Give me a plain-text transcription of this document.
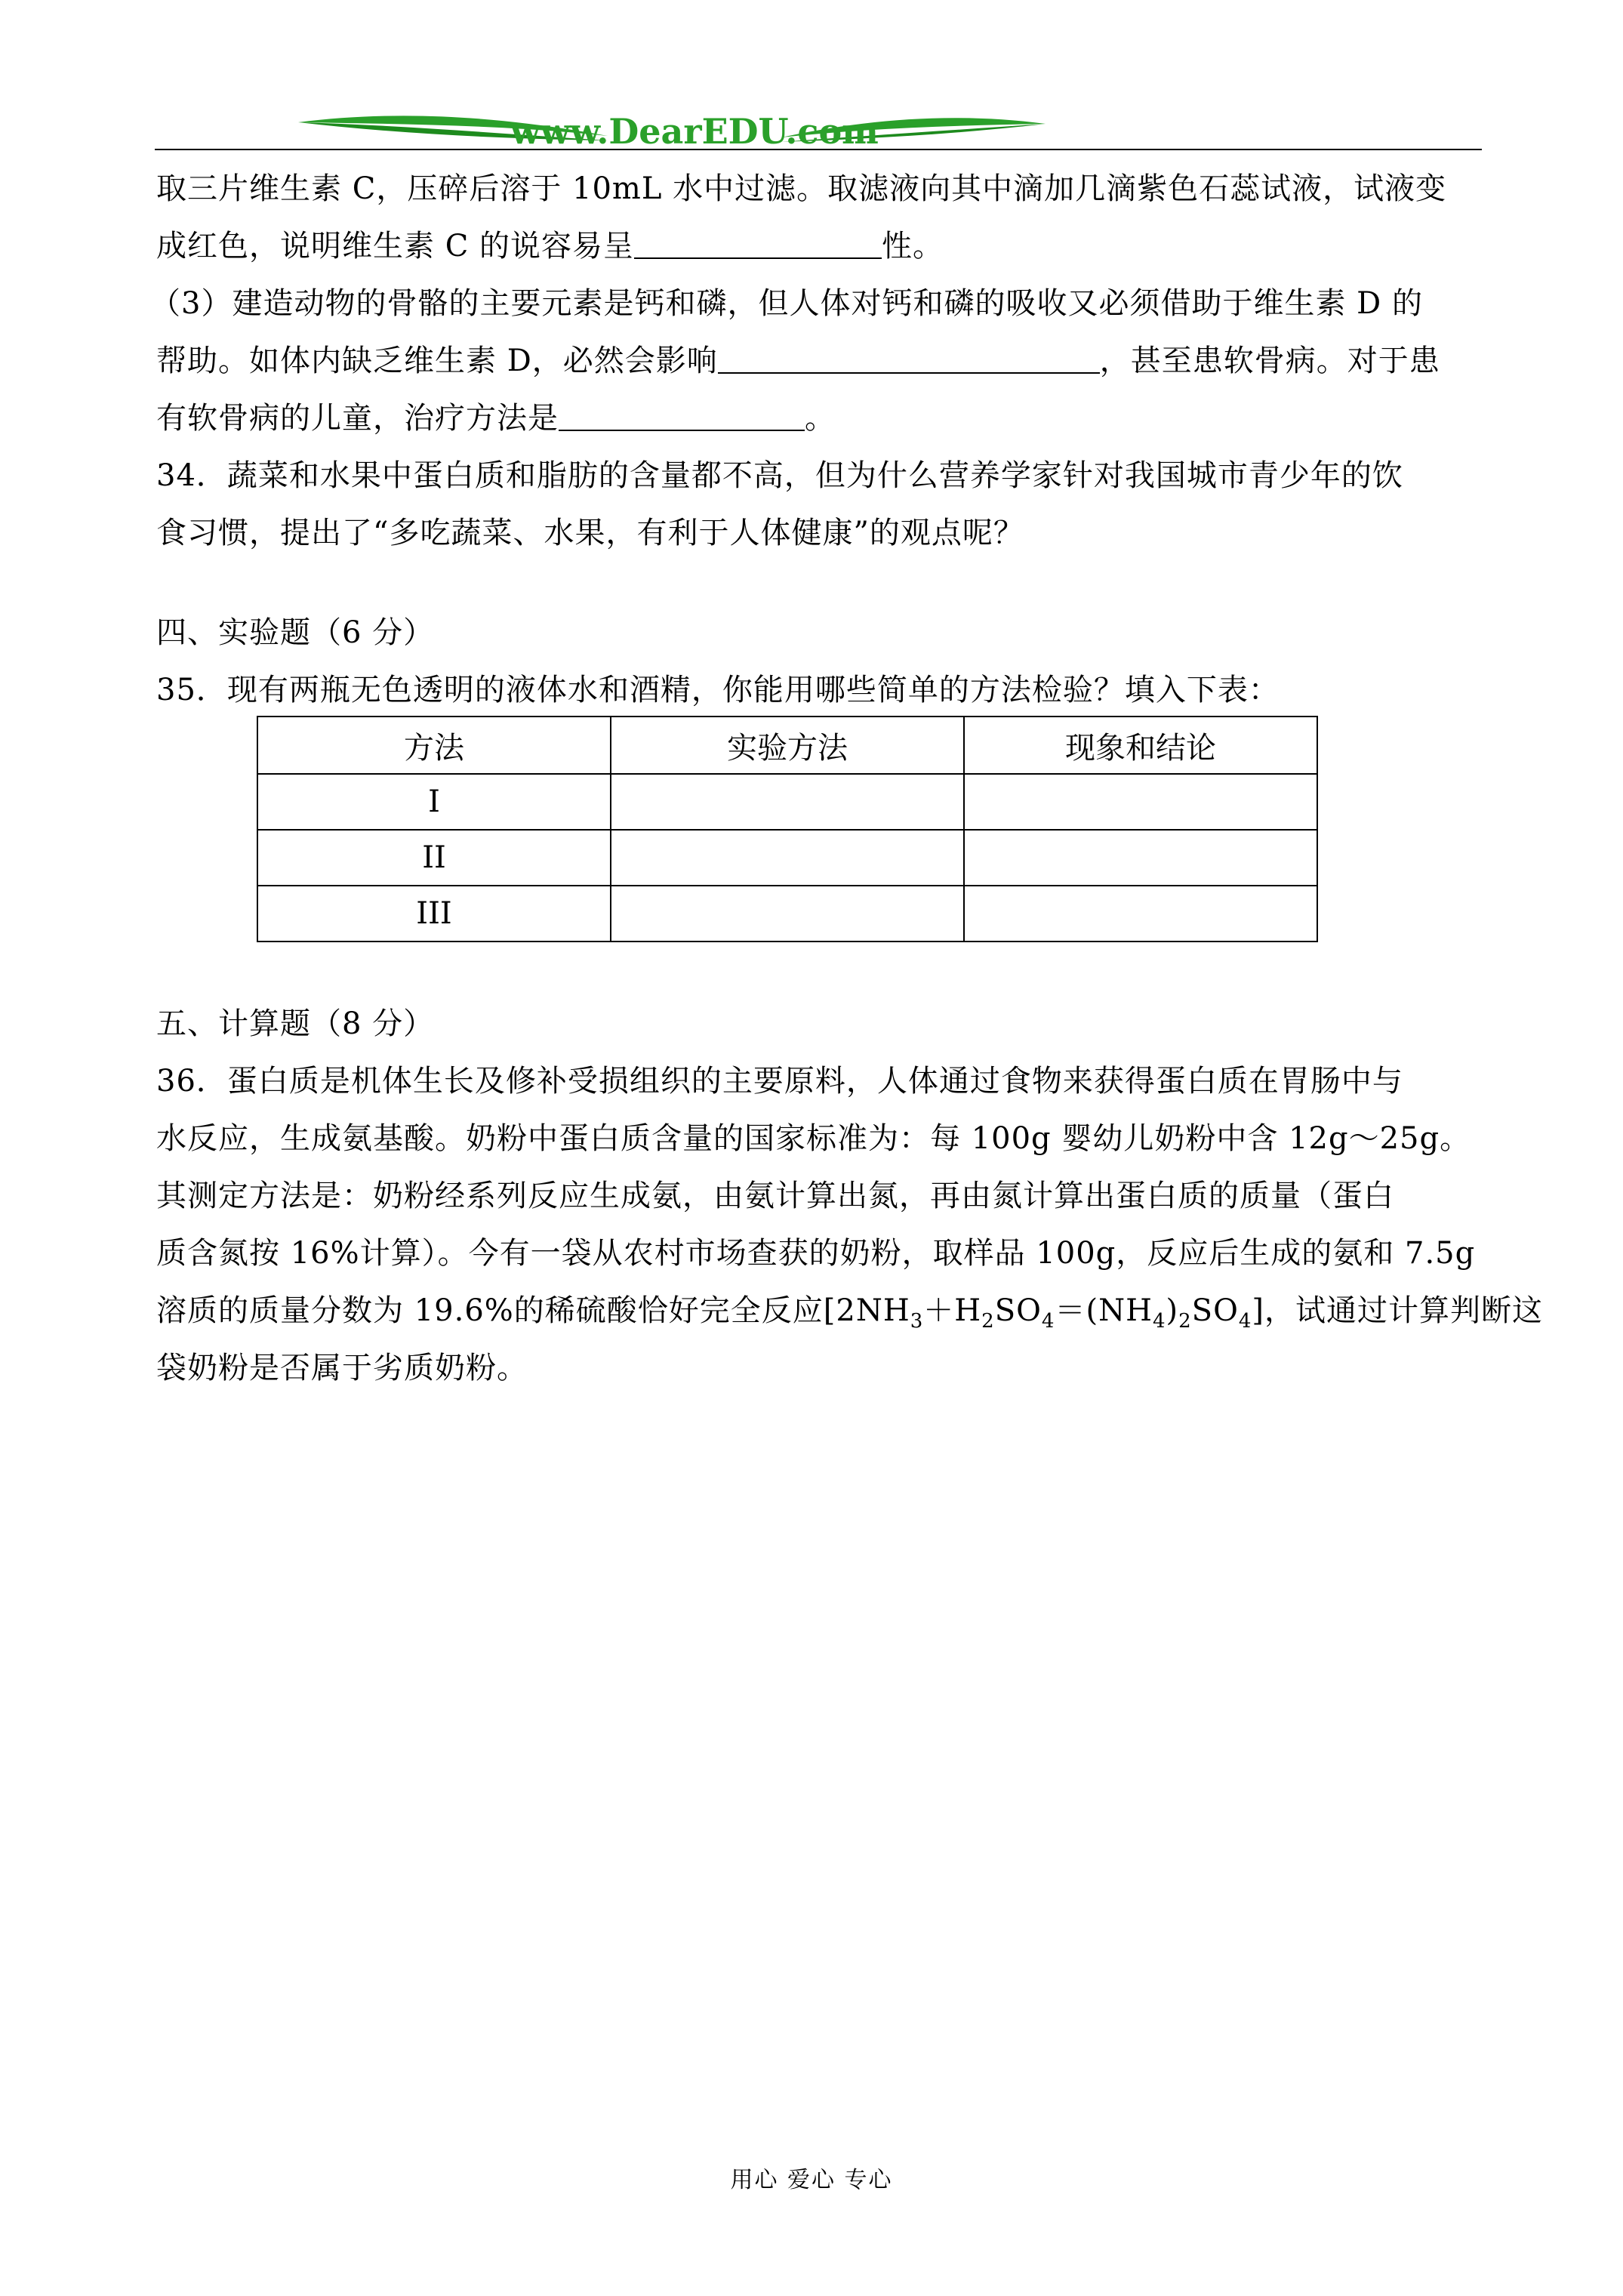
www.DearEDU.com
取三片维生素 C，压碎后溶于 10mL 水中过滤。取滤液向其中滴加几滴紫色石蕊试液，试液变
成红色，说明维生素 C 的说容易呈	性。
（3）建造动物的骨骼的主要元素是钙和磷，但人体对钙和磷的吸收又必须借助于维生素 D 的
帮助。如体内缺乏维生素 D，必然会影响	，甚至患软骨病。对于患
有软骨病的儿童，治疗方法是	。
34．蔬菜和水果中蛋白质和脂肪的含量都不高，但为什么营养学家针对我国城市青少年的饮
食习惯，提出了“多吃蔬菜、水果，有利于人体健康”的观点呢？
四、实验题（6 分）
35．现有两瓶无色透明的液体水和酒精，你能用哪些简单的方法检验？填入下表：
方法	实验方法	现象和结论
I		
II		
III		
五、计算题（8 分）
36．蛋白质是机体生长及修补受损组织的主要原料，人体通过食物来获得蛋白质在胃肠中与
水反应，生成氨基酸。奶粉中蛋白质含量的国家标准为：每 100g 婴幼儿奶粉中含 12g～25g。
其测定方法是：奶粉经系列反应生成氨，由氨计算出氮，再由氮计算出蛋白质的质量（蛋白
质含氮按 16%计算）。今有一袋从农村市场查获的奶粉，取样品 100g，反应后生成的氨和 7.5g
溶质的质量分数为 19.6%的稀硫酸恰好完全反应$[2NH_3+H_2SO_4=(NH_4)_2SO_4]$，试通过计算判断这
袋奶粉是否属于劣质奶粉。
用心 爱心 专心
